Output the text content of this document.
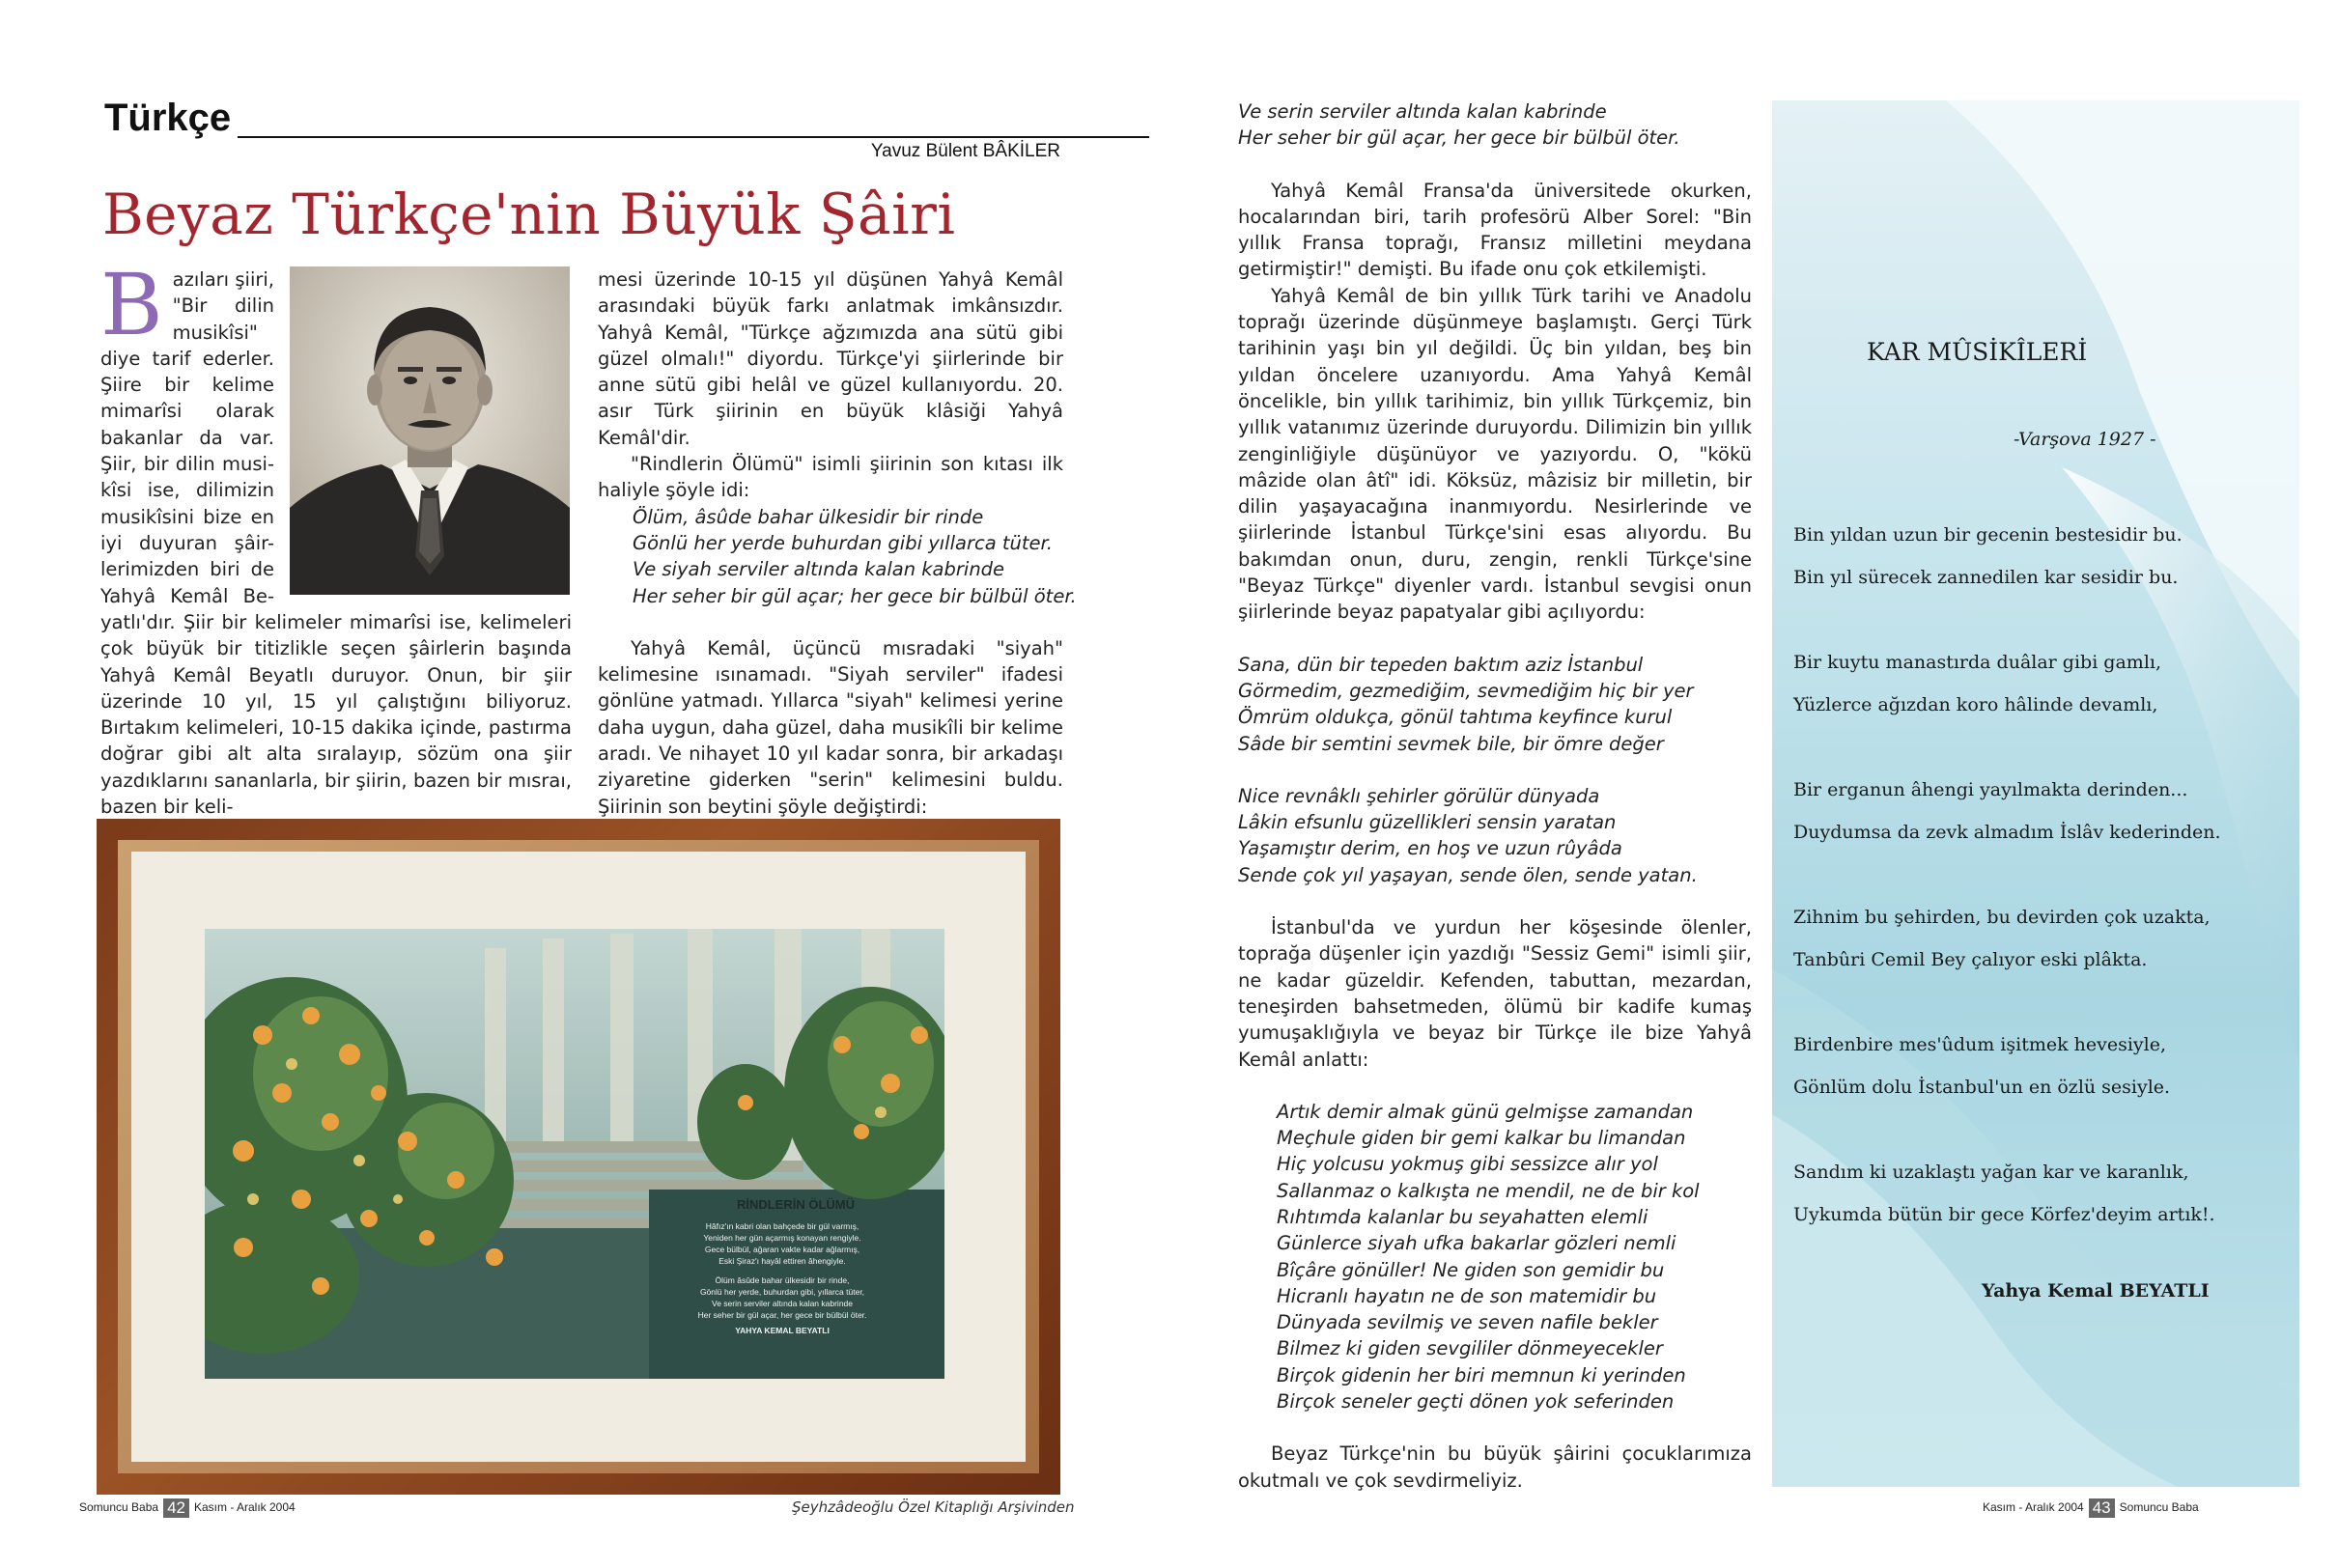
Türkçe
Yavuz Bülent BÂKİLER
Beyaz Türkçe'nin Büyük Şâiri
B azıları şiiri,

"Bir dilin

musikîsi"

diye tarif ederler.

Şiire bir kelime

mimarîsi olarak

bakanlar da var.

Şiir, bir dilin musi-

kîsi ise, dilimizin

musikîsini bize en

iyi duyuran şâir-

lerimizden biri de

Yahyâ Kemâl Be-

yatlı'dır. Şiir bir kelimeler mimarîsi ise, kelimeleri çok büyük bir titizlikle seçen şâirlerin başında Yahyâ Kemâl Beyatlı duruyor. Onun, bir şiir üzerinde 10 yıl, 15 yıl çalıştığını biliyoruz. Bırtakım kelimeleri, 10-15 dakika içinde, pastırma doğrar gibi alt alta sıralayıp, sözüm ona şiir yazdıklarını sananlarla, bir şiirin, bazen bir mısraı, bazen bir keli-

mesi üzerinde 10-15 yıl düşünen Yahyâ Kemâl arasındaki büyük farkı anlatmak imkânsızdır. Yahyâ Kemâl, "Türkçe ağzımızda ana sütü gibi güzel olmalı!" diyordu. Türkçe'yi şiirlerinde bir anne sütü gibi helâl ve güzel kullanıyordu. 20. asır Türk şiirinin en büyük klâsiği Yahyâ Kemâl'dir.

"Rindlerin Ölümü" isimli şiirinin son kıtası ilk haliyle şöyle idi:

Ölüm, âsûde bahar ülkesidir bir rinde

Gönlü her yerde buhurdan gibi yıllarca tüter.

Ve siyah serviler altında kalan kabrinde

Her seher bir gül açar; her gece bir bülbül öter.

Yahyâ Kemâl, üçüncü mısradaki "siyah" kelimesine ısınamadı. "Siyah serviler" ifadesi gönlüne yatmadı. Yıllarca "siyah" kelimesi yerine daha uygun, daha güzel, daha musikîli bir kelime aradı. Ve nihayet 10 yıl kadar sonra, bir arkadaşı ziyaretine giderken "serin" kelimesini buldu. Şiirinin son beytini şöyle değiştirdi:

RİNDLERİN ÖLÜMÜ
Hâfız'ın kabri olan bahçede bir gül varmış,
Yeniden her gün açarmış konayan rengiyle.
Gece bülbül, ağaran vakte kadar ağlarmış,
Eski Şiraz'ı hayâl ettiren âhengiyle.
Ölüm âsûde bahar ülkesidir bir rinde,
Gönlü her yerde, buhurdan gibi, yıllarca tüter,
Ve serin serviler altında kalan kabrinde
Her seher bir gül açar, her gece bir bülbül öter.
YAHYA KEMAL BEYATLI
Şeyhzâdeoğlu Özel Kitaplığı Arşivinden
Somuncu Baba 42 Kasım - Aralık 2004

Ve serin serviler altında kalan kabrinde

Her seher bir gül açar, her gece bir bülbül öter.

Yahyâ Kemâl Fransa'da üniversitede okurken, hocalarından biri, tarih profesörü Alber Sorel: "Bin yıllık Fransa toprağı, Fransız milletini meydana getirmiştir!" demişti. Bu ifade onu çok etkilemişti.

Yahyâ Kemâl de bin yıllık Türk tarihi ve Anadolu toprağı üzerinde düşünmeye başlamıştı. Gerçi Türk tarihinin yaşı bin yıl değildi. Üç bin yıldan, beş bin yıldan öncelere uzanıyordu. Ama Yahyâ Kemâl öncelikle, bin yıllık tarihimiz, bin yıllık Türkçemiz, bin yıllık vatanımız üzerinde duruyordu. Dilimizin bin yıllık zenginliğiyle düşünüyor ve yazıyordu. O, "kökü mâzide olan âtî" idi. Köksüz, mâzisiz bir milletin, bir dilin yaşayacağına inanmıyordu. Nesirlerinde ve şiirlerinde İstanbul Türkçe'sini esas alıyordu. Bu bakımdan onun, duru, zengin, renkli Türkçe'sine "Beyaz Türkçe" diyenler vardı. İstanbul sevgisi onun şiirlerinde beyaz papatyalar gibi açılıyordu:

Sana, dün bir tepeden baktım aziz İstanbul

Görmedim, gezmediğim, sevmediğim hiç bir yer

Ömrüm oldukça, gönül tahtıma keyfince kurul

Sâde bir semtini sevmek bile, bir ömre değer

Nice revnâklı şehirler görülür dünyada

Lâkin efsunlu güzellikleri sensin yaratan

Yaşamıştır derim, en hoş ve uzun rûyâda

Sende çok yıl yaşayan, sende ölen, sende yatan.

İstanbul'da ve yurdun her köşesinde ölenler, toprağa düşenler için yazdığı "Sessiz Gemi" isimli şiir, ne kadar güzeldir. Kefenden, tabuttan, mezardan, teneşirden bahsetmeden, ölümü bir kadife kumaş yumuşaklığıyla ve beyaz bir Türkçe ile bize Yahyâ Kemâl anlattı:

Artık demir almak günü gelmişse zamandan

Meçhule giden bir gemi kalkar bu limandan

Hiç yolcusu yokmuş gibi sessizce alır yol

Sallanmaz o kalkışta ne mendil, ne de bir kol

Rıhtımda kalanlar bu seyahatten elemli

Günlerce siyah ufka bakarlar gözleri nemli

Bîçâre gönüller! Ne giden son gemidir bu

Hicranlı hayatın ne de son matemidir bu

Dünyada sevilmiş ve seven nafile bekler

Bilmez ki giden sevgililer dönmeyecekler

Birçok gidenin her biri memnun ki yerinden

Birçok seneler geçti dönen yok seferinden

Beyaz Türkçe'nin bu büyük şâirini çocuklarımıza okutmalı ve çok sevdirmeliyiz.

KAR MÛSİKÎLERİ
-Varşova 1927 -

Bin yıldan uzun bir gecenin bestesidir bu.

Bin yıl sürecek zannedilen kar sesidir bu.

Bir kuytu manastırda duâlar gibi gamlı,

Yüzlerce ağızdan koro hâlinde devamlı,

Bir erganun âhengi yayılmakta derinden...

Duydumsa da zevk almadım İslâv kederinden.

Zihnim bu şehirden, bu devirden çok uzakta,

Tanbûri Cemil Bey çalıyor eski plâkta.

Birdenbire mes'ûdum işitmek hevesiyle,

Gönlüm dolu İstanbul'un en özlü sesiyle.

Sandım ki uzaklaştı yağan kar ve karanlık,

Uykumda bütün bir gece Körfez'deyim artık!.

Yahya Kemal BEYATLI
Kasım - Aralık 2004 43 Somuncu Baba
